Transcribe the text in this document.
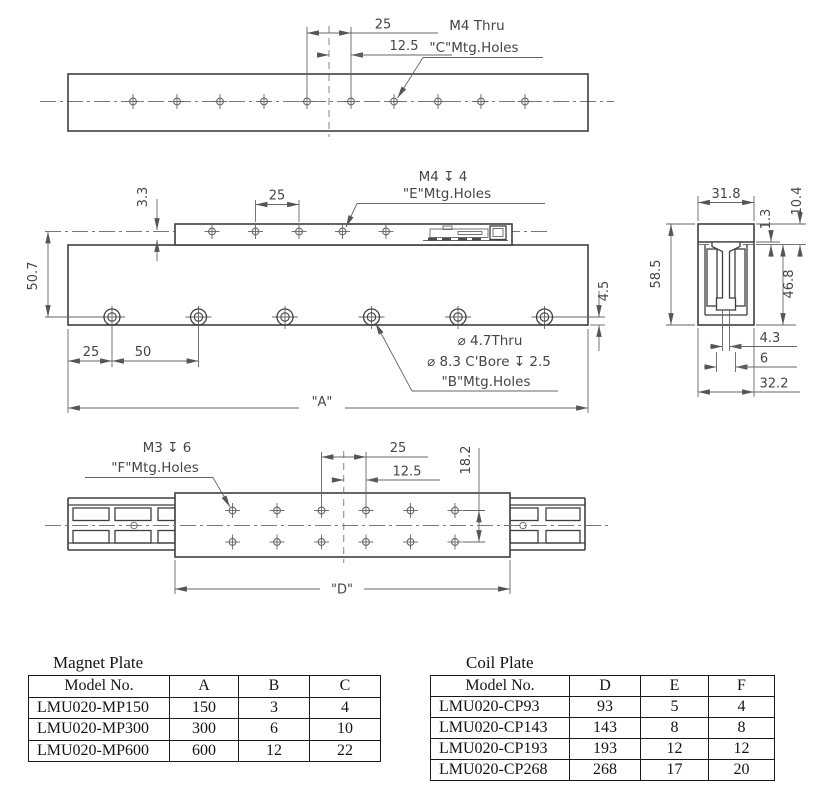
25
12.5
M4 Thru
"C"Mtg.Holes
3.3	25
M4 ↧ 4
"E"Mtg.Holes
50.7
25	50
"A"
4.5
⌀ 4.7Thru
⌀ 8.3 C'Bore ↧ 2.5
"B"Mtg.Holes
31.8
58.5
1.3
10.4
46.8
4.3
6
32.2
25
12.5	18.2
M3 ↧ 6
"F"Mtg.Holes
"D"
Magnet Plate
Model No.	A	B	C
LMU020-MP150	150	3	4
LMU020-MP300	300	6	10
LMU020-MP600	600	12	22
Coil Plate
Model No.	D	E	F
LMU020-CP93	93	5	4
LMU020-CP143	143	8	8
LMU020-CP193	193	12	12
LMU020-CP268	268	17	20
